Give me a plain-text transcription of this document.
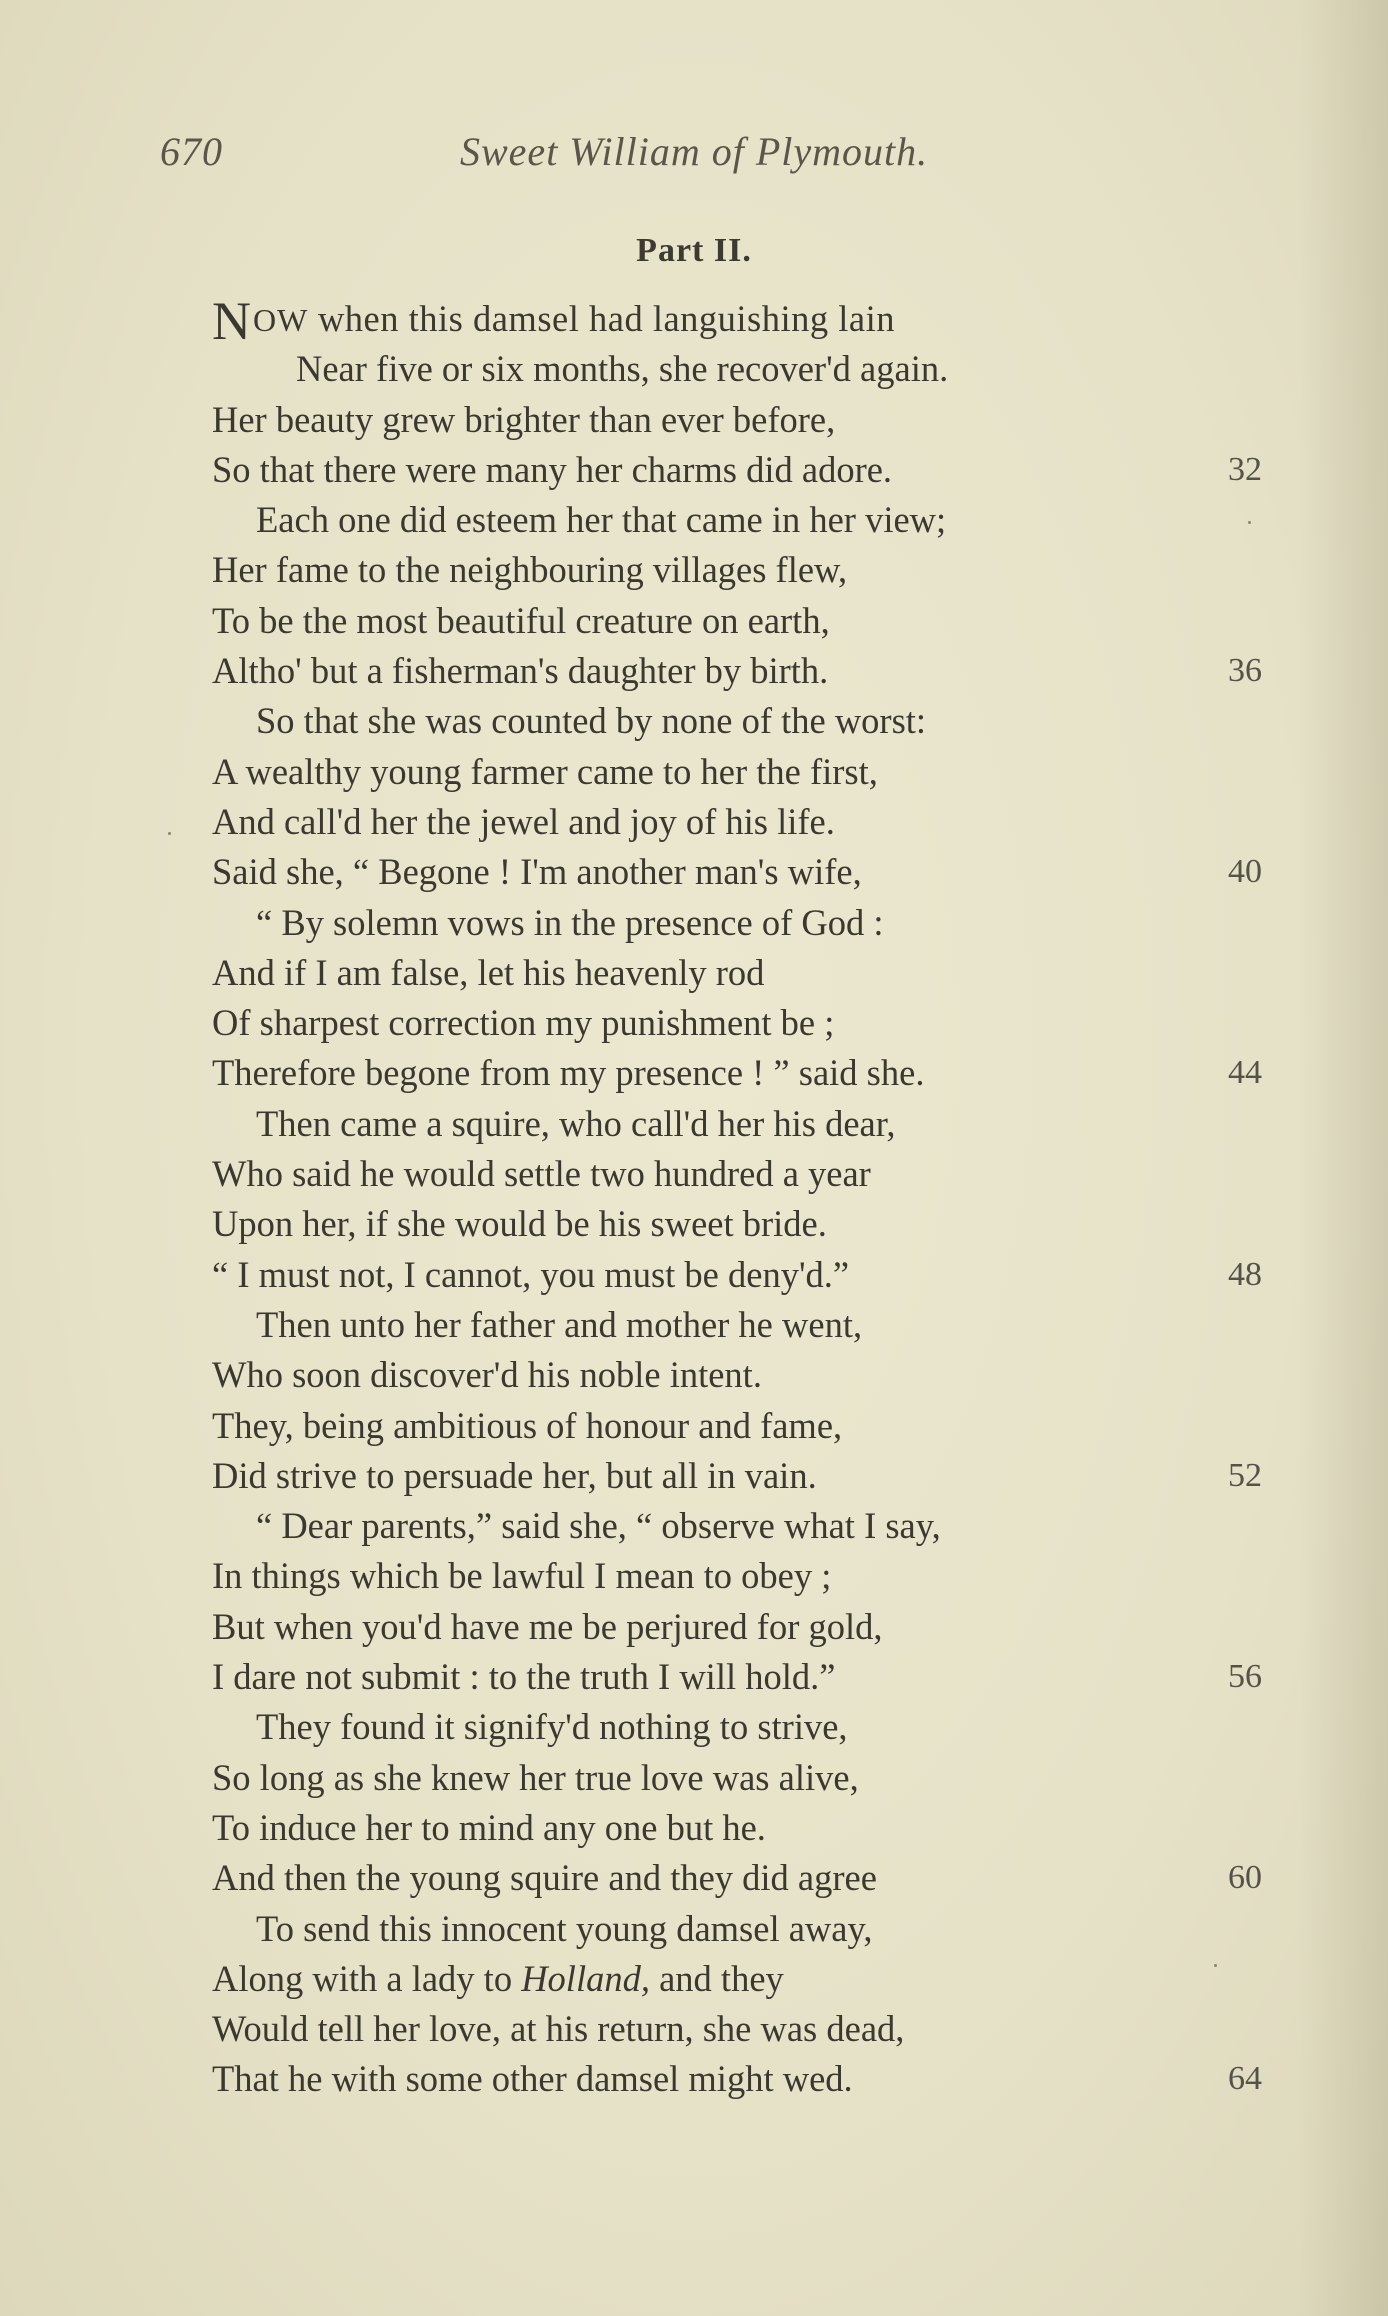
670	Sweet William of Plymouth.
Part II.
NOW when this damsel had languishing lain
Near five or six months, she recover'd again.
Her beauty grew brighter than ever before,
So that there were many her charms did adore.	32
Each one did esteem her that came in her view;
Her fame to the neighbouring villages flew,
To be the most beautiful creature on earth,
Altho' but a fisherman's daughter by birth.	36
So that she was counted by none of the worst:
A wealthy young farmer came to her the first,
And call'd her the jewel and joy of his life.
Said she, “ Begone ! I'm another man's wife,	40
“ By solemn vows in the presence of God :
And if I am false, let his heavenly rod
Of sharpest correction my punishment be ;
Therefore begone from my presence ! ” said she.	44
Then came a squire, who call'd her his dear,
Who said he would settle two hundred a year
Upon her, if she would be his sweet bride.
“ I must not, I cannot, you must be deny'd.”	48
Then unto her father and mother he went,
Who soon discover'd his noble intent.
They, being ambitious of honour and fame,
Did strive to persuade her, but all in vain.	52
“ Dear parents,” said she, “ observe what I say,
In things which be lawful I mean to obey ;
But when you'd have me be perjured for gold,
I dare not submit : to the truth I will hold.”	56
They found it signify'd nothing to strive,
So long as she knew her true love was alive,
To induce her to mind any one but he.
And then the young squire and they did agree	60
To send this innocent young damsel away,
Along with a lady to Holland, and they
Would tell her love, at his return, she was dead,
That he with some other damsel might wed.	64
